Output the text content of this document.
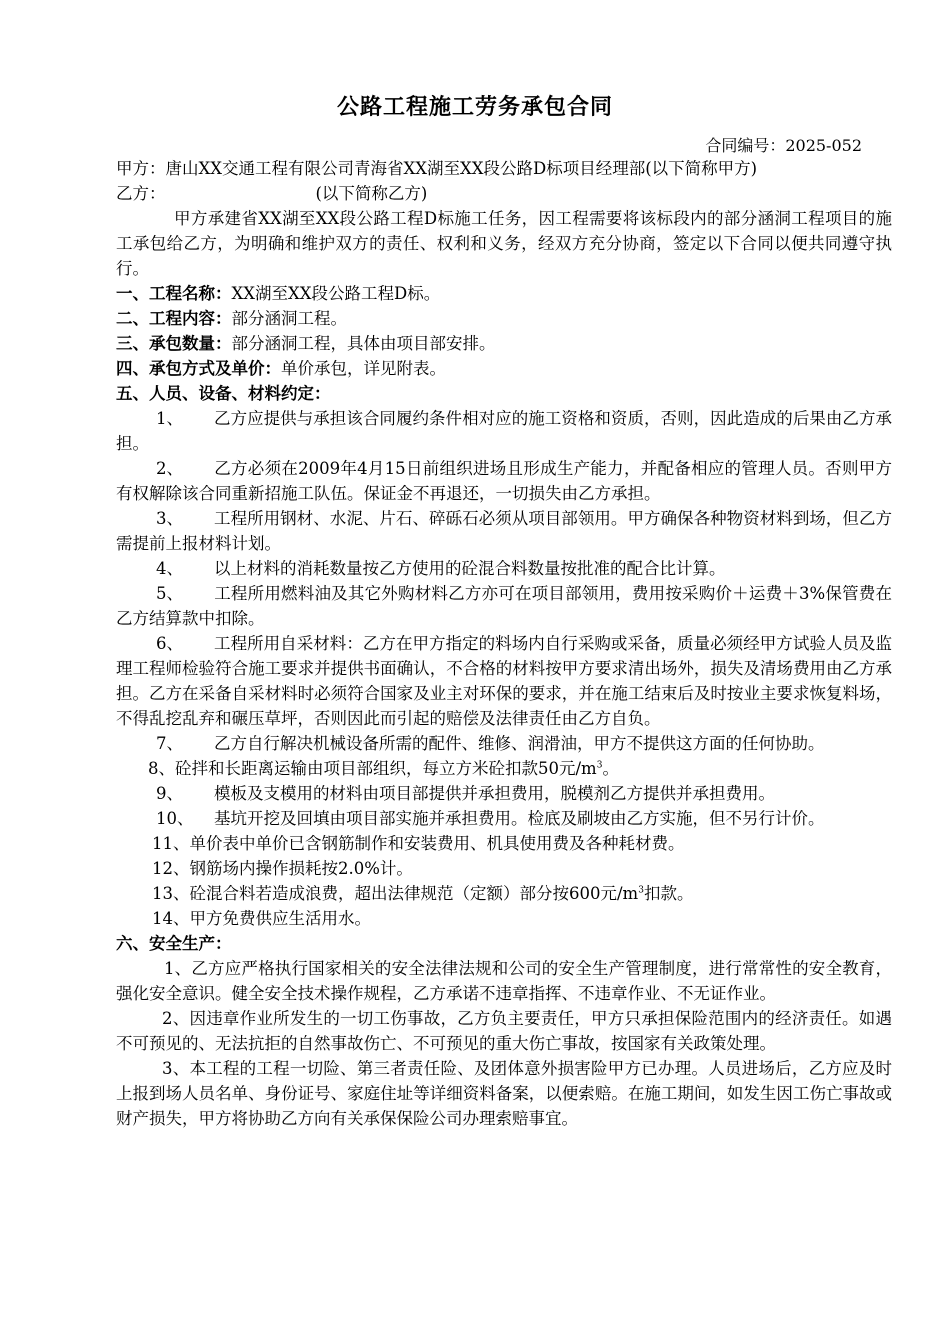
公路工程施工劳务承包合同
合同编号：2025-052

甲方：唐山XX交通工程有限公司青海省XX湖至XX段公路D标项目经理部(以下简称甲方)

乙方：	(以下简称乙方)

甲方承建省XX湖至XX段公路工程D标施工任务，因工程需要将该标段内的部分涵洞工程项目的施工承包给乙方，为明确和维护双方的责任、权利和义务，经双方充分协商，签定以下合同以便共同遵守执行。

一、工程名称：XX湖至XX段公路工程D标。

二、工程内容：部分涵洞工程。

三、承包数量：部分涵洞工程，具体由项目部安排。

四、承包方式及单价：单价承包，详见附表。

五、人员、设备、材料约定：

1、 乙方应提供与承担该合同履约条件相对应的施工资格和资质，否则，因此造成的后果由乙方承担。

2、 乙方必须在2009年4月15日前组织进场且形成生产能力，并配备相应的管理人员。否则甲方有权解除该合同重新招施工队伍。保证金不再退还，一切损失由乙方承担。

3、 工程所用钢材、水泥、片石、碎砾石必须从项目部领用。甲方确保各种物资材料到场，但乙方需提前上报材料计划。

4、 以上材料的消耗数量按乙方使用的砼混合料数量按批准的配合比计算。

5、 工程所用燃料油及其它外购材料乙方亦可在项目部领用，费用按采购价＋运费＋3%保管费在乙方结算款中扣除。

6、 工程所用自采材料：乙方在甲方指定的料场内自行采购或采备，质量必须经甲方试验人员及监理工程师检验符合施工要求并提供书面确认，不合格的材料按甲方要求清出场外，损失及清场费用由乙方承担。乙方在采备自采材料时必须符合国家及业主对环保的要求，并在施工结束后及时按业主要求恢复料场，不得乱挖乱弃和碾压草坪，否则因此而引起的赔偿及法律责任由乙方自负。

7、 乙方自行解决机械设备所需的配件、维修、润滑油，甲方不提供这方面的任何协助。

8、砼拌和长距离运输由项目部组织，每立方米砼扣款50元$/m^3$。

9、 模板及支模用的材料由项目部提供并承担费用，脱模剂乙方提供并承担费用。

10、 基坑开挖及回填由项目部实施并承担费用。检底及刷坡由乙方实施，但不另行计价。

11、单价表中单价已含钢筋制作和安装费用、机具使用费及各种耗材费。

12、钢筋场内操作损耗按2.0%计。

13、砼混合料若造成浪费，超出法律规范（定额）部分按600元$/m^3$扣款。

14、甲方免费供应生活用水。

六、安全生产：

1、乙方应严格执行国家相关的安全法律法规和公司的安全生产管理制度，进行常常性的安全教育，强化安全意识。健全安全技术操作规程，乙方承诺不违章指挥、不违章作业、不无证作业。

2、因违章作业所发生的一切工伤事故，乙方负主要责任，甲方只承担保险范围内的经济责任。如遇不可预见的、无法抗拒的自然事故伤亡、不可预见的重大伤亡事故，按国家有关政策处理。

3、本工程的工程一切险、第三者责任险、及团体意外损害险甲方已办理。人员进场后，乙方应及时上报到场人员名单、身份证号、家庭住址等详细资料备案，以便索赔。在施工期间，如发生因工伤亡事故或财产损失，甲方将协助乙方向有关承保保险公司办理索赔事宜。
